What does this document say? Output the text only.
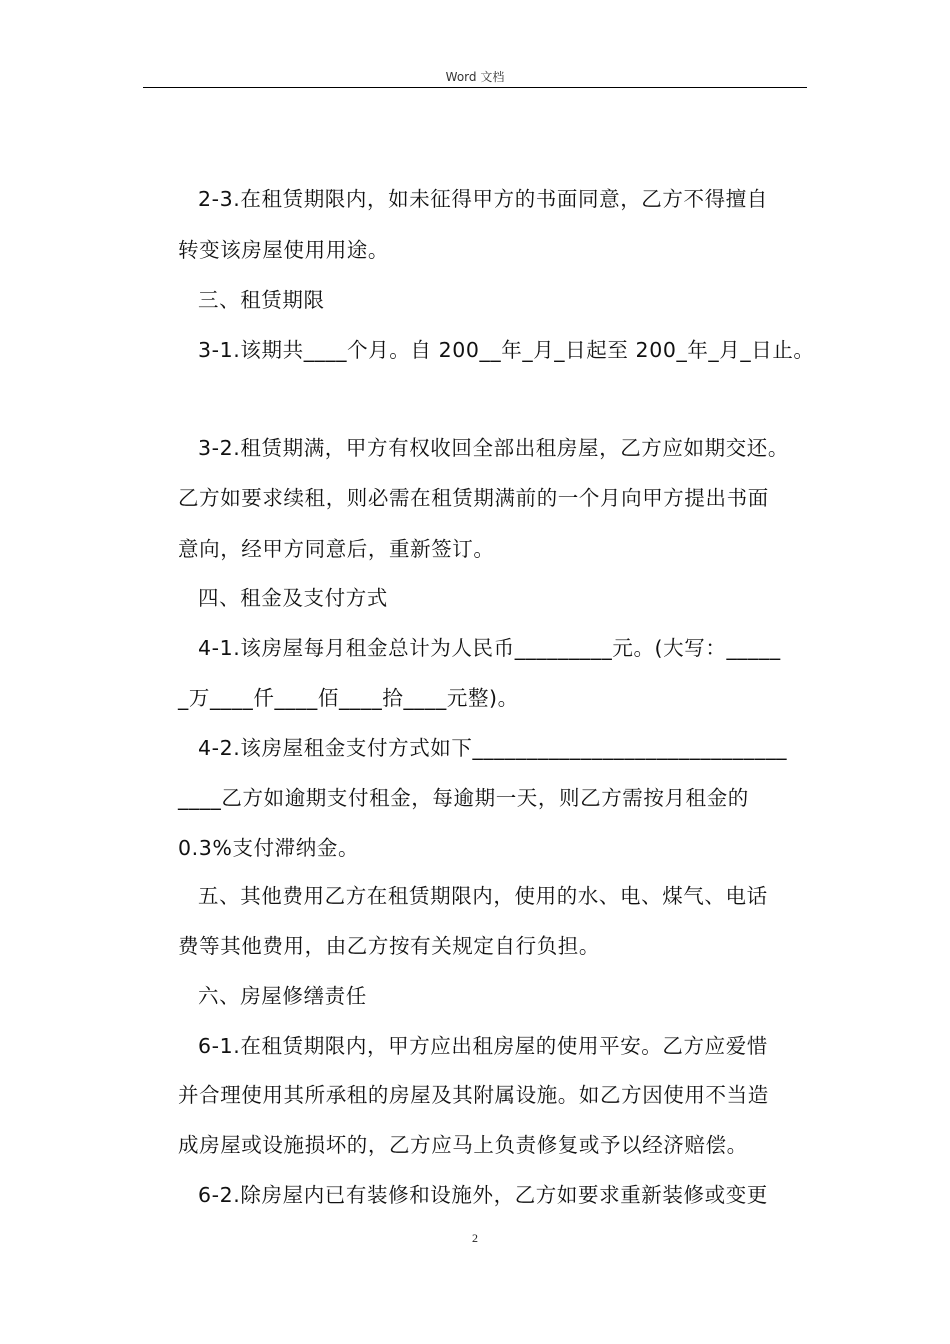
Word 文档
2-3.在租赁期限内，如未征得甲方的书面同意，乙方不得擅自
转变该房屋使用用途。
三、租赁期限
3-1.该期共____个月。自 200__年_月_日起至 200_年_月_日止。
3-2.租赁期满，甲方有权收回全部出租房屋，乙方应如期交还。
乙方如要求续租，则必需在租赁期满前的一个月向甲方提出书面
意向，经甲方同意后，重新签订。
四、租金及支付方式
4-1.该房屋每月租金总计为人民币_________元。(大写：_____
_万____仟____佰____拾____元整)。
4-2.该房屋租金支付方式如下_____________________________
____乙方如逾期支付租金，每逾期一天，则乙方需按月租金的
0.3%支付滞纳金。
五、其他费用乙方在租赁期限内，使用的水、电、煤气、电话
费等其他费用，由乙方按有关规定自行负担。
六、房屋修缮责任
6-1.在租赁期限内，甲方应出租房屋的使用平安。乙方应爱惜
并合理使用其所承租的房屋及其附属设施。如乙方因使用不当造
成房屋或设施损坏的，乙方应马上负责修复或予以经济赔偿。
6-2.除房屋内已有装修和设施外，乙方如要求重新装修或变更
2
